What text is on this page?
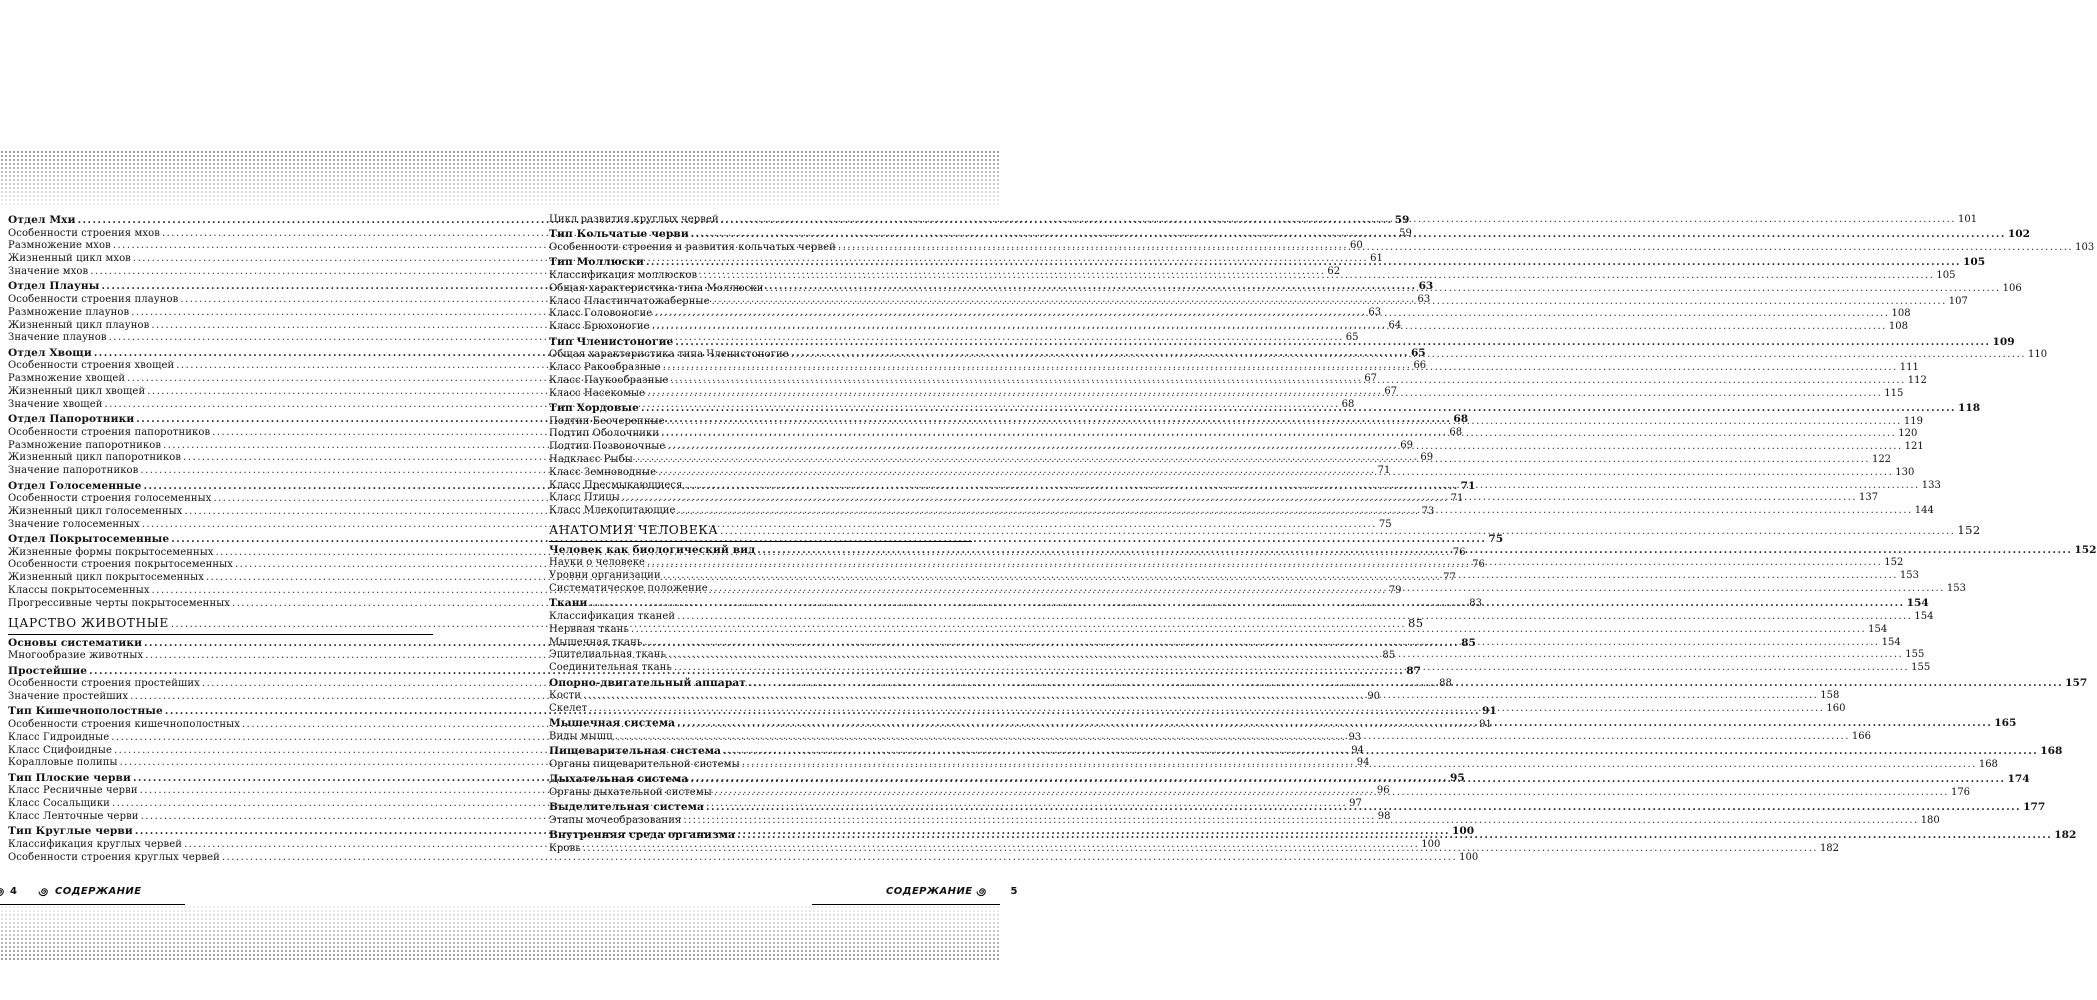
Отдел Мхи .....	59
Особенности строения мхов .....	59
Размножение мхов .....	60
Жизненный цикл мхов .....	61
Значение мхов .....	62
Отдел Плауны .....	63
Особенности строения плаунов .....	63
Размножение плаунов .....	63
Жизненный цикл плаунов .....	64
Значение плаунов .....	65
Отдел Хвощи .....	65
Особенности строения хвощей .....	66
Размножение хвощей .....	67
Жизненный цикл хвощей .....	67
Значение хвощей .....	68
Отдел Папоротники .....	68
Особенности строения папоротников .....	68
Размножение папоротников .....	69
Жизненный цикл папоротников .....	69
Значение папоротников .....	71
Отдел Голосеменные .....	71
Особенности строения голосеменных .....	71
Жизненный цикл голосеменных .....	73
Значение голосеменных .....	75
Отдел Покрытосеменные .....	75
Жизненные формы покрытосеменных .....	76
Особенности строения покрытосеменных .....	76
Жизненный цикл покрытосеменных .....	77
Классы покрытосеменных .....	79
Прогрессивные черты покрытосеменных .....	83
ЦАРСТВО ЖИВОТНЫЕ .....	85
Основы систематики .....	85
Многообразие животных .....	85
Простейшие .....	87
Особенности строения простейших .....	88
Значение простейших .....	90
Тип Кишечнополостные .....	91
Особенности строения кишечнополостных .....	91
Класс Гидроидные .....	93
Класс Сцифоидные .....	94
Коралловые полипы .....	94
Тип Плоские черви .....	95
Класс Ресничные черви .....	96
Класс Сосальщики .....	97
Класс Ленточные черви .....	98
Тип Круглые черви .....	100
Классификация круглых червей .....	100
Особенности строения круглых червей .....	100
Цикл развития круглых червей .....	101
Тип Кольчатые черви .....	102
Особенности строения и развития кольчатых червей .....	103
Тип Моллюски .....	105
Классификация моллюсков .....	105
Общая характеристика типа Моллюски .....	106
Класс Пластинчатожаберные .....	107
Класс Головоногие .....	108
Класс Брюхоногие .....	108
Тип Членистоногие .....	109
Общая характеристика типа Членистоногие .....	110
Класс Ракообразные .....	111
Класс Паукообразные .....	112
Класс Насекомые .....	115
Тип Хордовые .....	118
Подтип Бесчерепные .....	119
Подтип Оболочники .....	120
Подтип Позвоночные .....	121
Надкласс Рыбы .....	122
Класс Земноводные .....	130
Класс Пресмыкающиеся .....	133
Класс Птицы .....	137
Класс Млекопитающие .....	144
АНАТОМИЯ ЧЕЛОВЕКА .....	152
Человек как биологический вид .....	152
Науки о человеке .....	152
Уровни организации .....	153
Систематическое положение .....	153
Ткани .....	154
Классификация тканей .....	154
Нервная ткань .....	154
Мышечная ткань .....	154
Эпителиальная ткань .....	155
Соединительная ткань .....	155
Опорно-двигательный аппарат .....	157
Кости .....	158
Скелет .....	160
Мышечная система .....	165
Виды мышц .....	166
Пищеварительная система .....	168
Органы пищеварительной системы .....	168
Дыхательная система .....	174
Органы дыхательной системы .....	176
Выделительная система .....	177
Этапы мочеобразования .....	180
Внутренняя среда организма .....	182
Кровь .....	182
4	СОДЕРЖАНИЕ	СОДЕРЖАНИЕ	5
